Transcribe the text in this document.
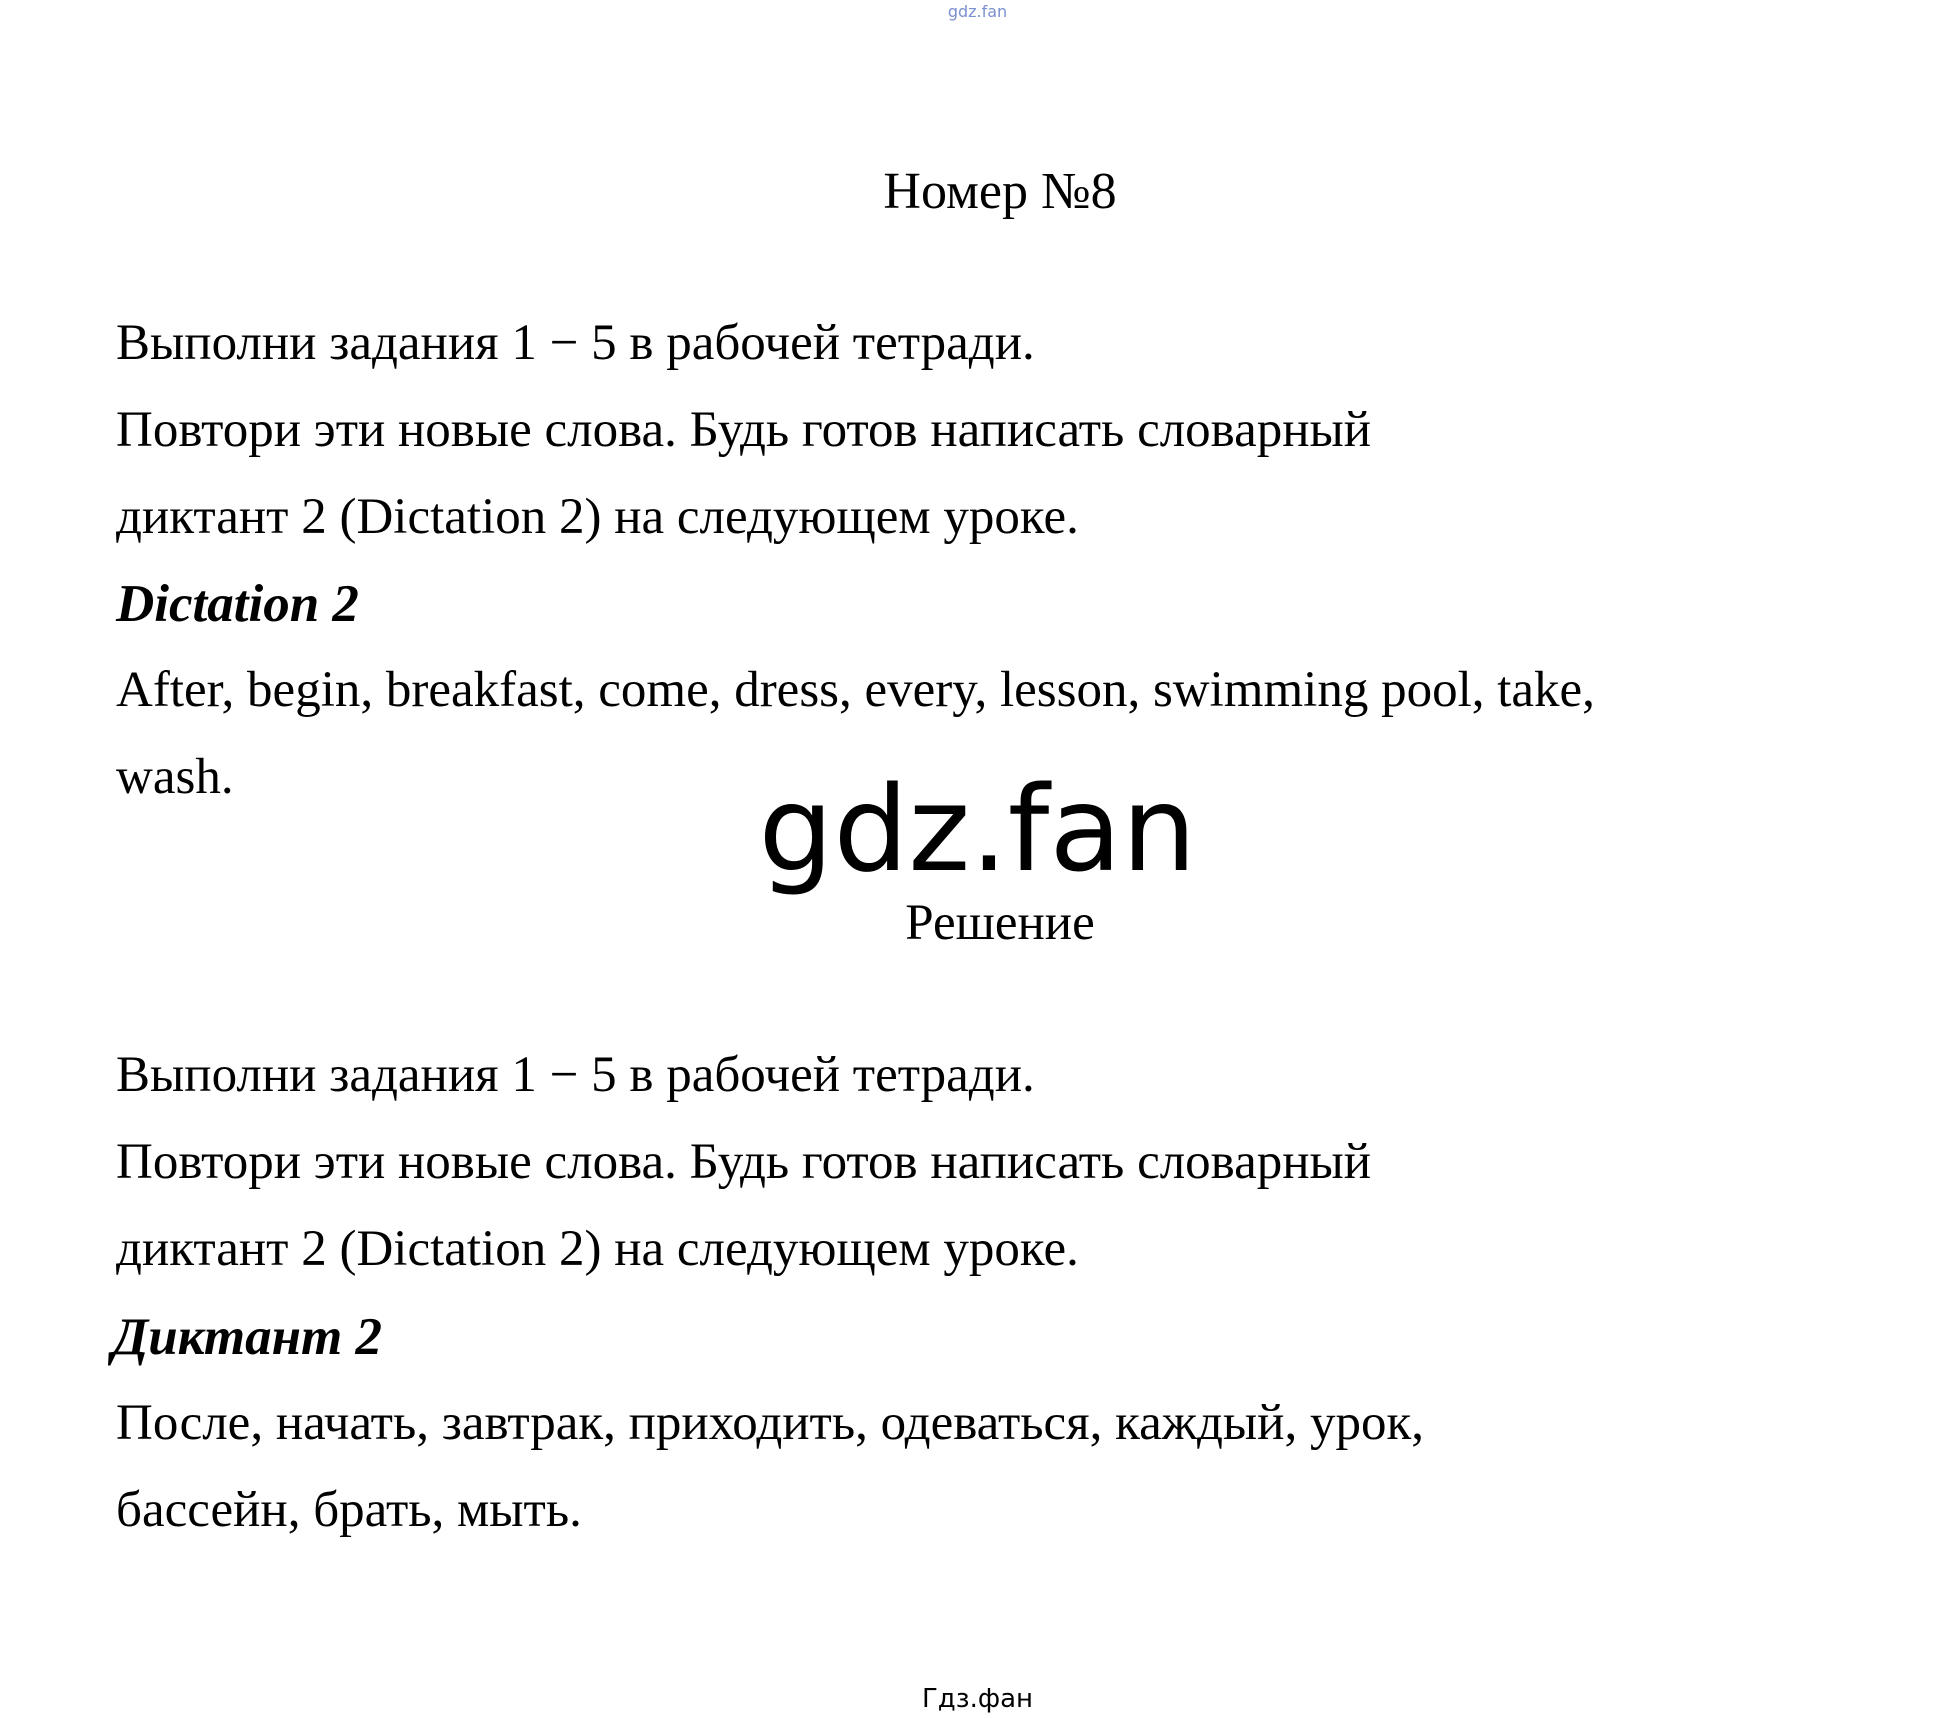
gdz.fan
Номер №8
Выполни задания 1 − 5 в рабочей тетради.
Повтори эти новые слова. Будь готов написать словарный
диктант 2 (Dictation 2) на следующем уроке.
Dictation 2
After, begin, breakfast, come, dress, every, lesson, swimming pool, take,
wash.	gdz.fan
Решение
Выполни задания 1 − 5 в рабочей тетради.
Повтори эти новые слова. Будь готов написать словарный
диктант 2 (Dictation 2) на следующем уроке.
Диктант 2
После, начать, завтрак, приходить, одеваться, каждый, урок,
бассейн, брать, мыть.
Гдз.фан
